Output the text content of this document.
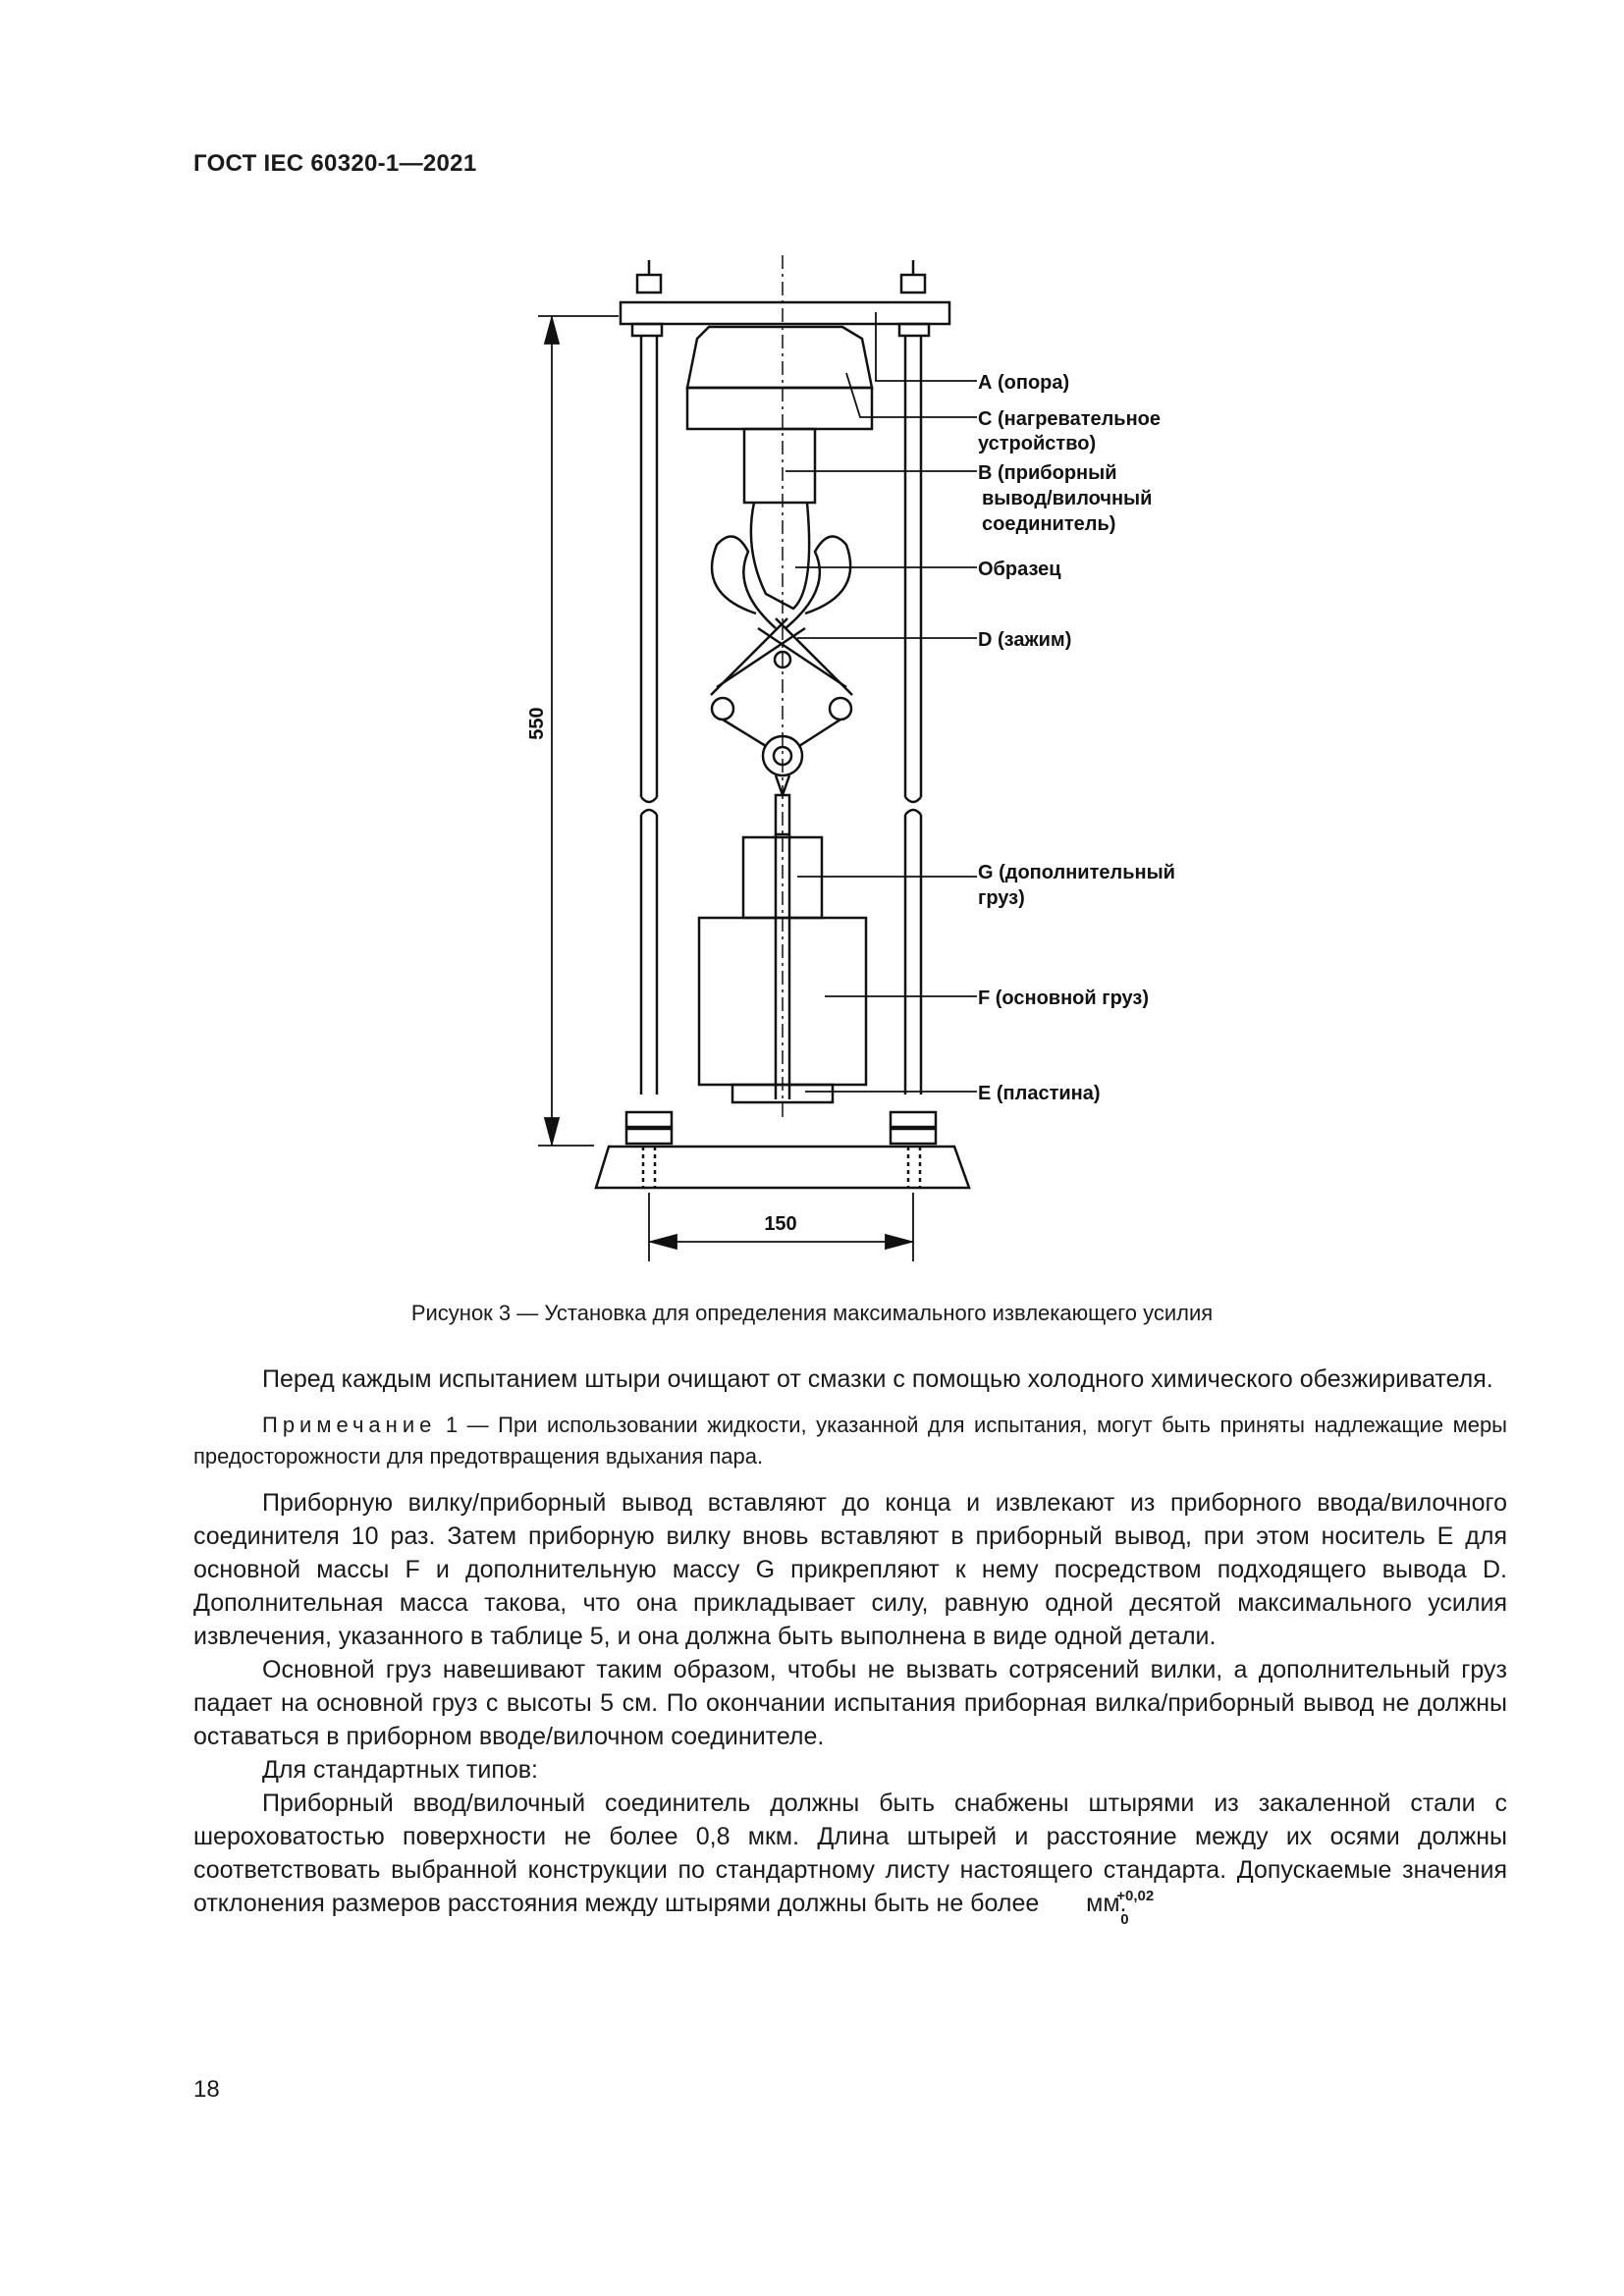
ГОСТ IEC 60320-1—2021
550
150
А (опора)
С (нагревательное
устройство)
В (приборный
вывод/вилочный
соединитель)
Образец
D (зажим)
G (дополнительный
груз)
F (основной груз)
Е (пластина)
Рисунок 3 — Установка для определения максимального извлекающего усилия

Перед каждым испытанием штыри очищают от смазки с помощью холодного химического обезжиривателя.

Примечание 1 — При использовании жидкости, указанной для испытания, могут быть приняты надлежащие меры предосторожности для предотвращения вдыхания пара.

Приборную вилку/приборный вывод вставляют до конца и извлекают из приборного ввода/вилочного соединителя 10 раз. Затем приборную вилку вновь вставляют в приборный вывод, при этом носитель Е для основной массы F и дополнительную массу G прикрепляют к нему посредством подходящего вывода D. Дополнительная масса такова, что она прикладывает силу, равную одной десятой максимального усилия извлечения, указанного в таблице 5, и она должна быть выполнена в виде одной детали.

Основной груз навешивают таким образом, чтобы не вызвать сотрясений вилки, а дополнительный груз падает на основной груз с высоты 5 см. По окончании испытания приборная вилка/приборный вывод не должны оставаться в приборном вводе/вилочном соединителе.

Для стандартных типов:

Приборный ввод/вилочный соединитель должны быть снабжены штырями из закаленной стали с шероховатостью поверхности не более 0,8 мкм. Длина штырей и расстояние между их осями должны соответствовать выбранной конструкции по стандартному листу настоящего стандарта. Допускаемые значения отклонения размеров расстояния между штырями должны быть не более	+0,02
0
мм.

18
